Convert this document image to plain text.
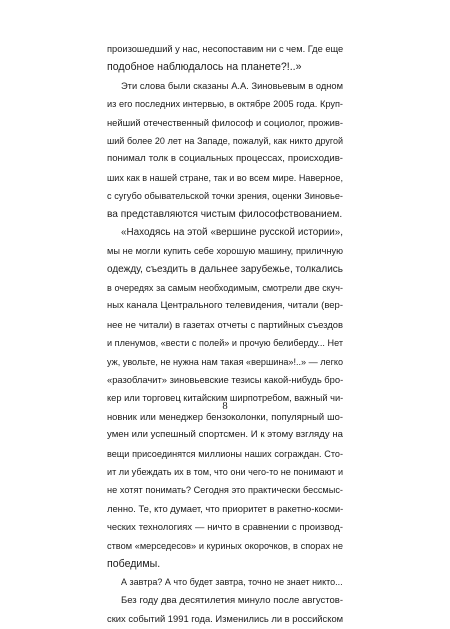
произошедший у нас, несопоставим ни с чем. Где еще
подобное наблюдалось на планете?!..»
Эти слова были сказаны А.А. Зиновьевым в одном
из его последних интервью, в октябре 2005 года. Круп-
нейший отечественный философ и социолог, прожив-
ший более 20 лет на Западе, пожалуй, как никто другой
понимал толк в социальных процессах, происходив-
ших как в нашей стране, так и во всем мире. Наверное,
с сугубо обывательской точки зрения, оценки Зиновье-
ва представляются чистым философствованием.
«Находясь на этой «вершине русской истории»,
мы не могли купить себе хорошую машину, приличную
одежду, съездить в дальнее зарубежье, толкались
в очередях за самым необходимым, смотрели две скуч-
ных канала Центрального телевидения, читали (вер-
нее не читали) в газетах отчеты с партийных съездов
и пленумов, «вести с полей» и прочую белиберду... Нет
уж, увольте, не нужна нам такая «вершина»!..» — легко
«разоблачит» зиновьевские тезисы какой-нибудь бро-
кер или торговец китайским ширпотребом, важный чи-
новник или менеджер бензоколонки, популярный шо-
умен или успешный спортсмен. И к этому взгляду на
вещи присоединятся миллионы наших сограждан. Сто-
ит ли убеждать их в том, что они чего-то не понимают и
не хотят понимать? Сегодня это практически бессмыс-
ленно. Те, кто думает, что приоритет в ракетно-косми-
ческих технологиях — ничто в сравнении с производ-
ством «мерседесов» и куриных окорочков, в спорах не
победимы.
А завтра? А что будет завтра, точно не знает никто...
Без году два десятилетия минуло после августов-
ских событий 1991 года. Изменились ли в российском
8
